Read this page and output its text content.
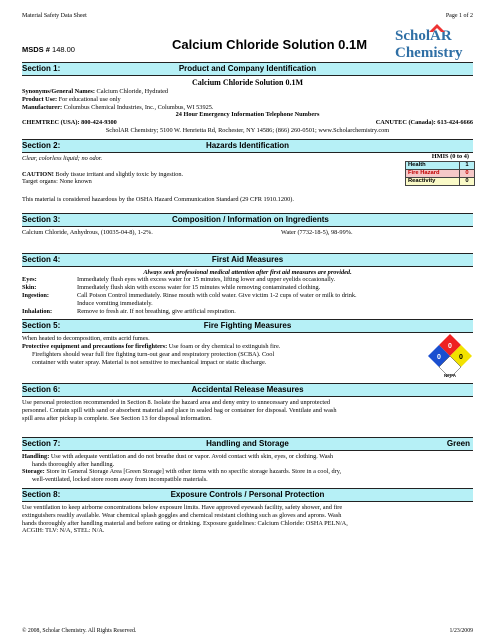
Material Safety Data Sheet	Page 1 of 2
MSDS # 148.00	Calcium Chloride Solution 0.1M
ScholAR
Chemistry
Section 1:	Product and Company Identification
Calcium Chloride Solution 0.1M
Synonyms/General Names: Calcium Chloride, Hydrated
Product Use: For educational use only
Manufacturer: Columbus Chemical Industries, Inc., Columbus, WI 53925.
24 Hour Emergency Information Telephone Numbers
CHEMTREC (USA): 800-424-9300	CANUTEC (Canada): 613-424-6666
ScholAR Chemistry; 5100 W. Henrietta Rd, Rochester, NY 14586; (866) 260-0501; www.Scholarchemistry.com
Section 2:	Hazards Identification
Clear, colorless liquid; no odor.
CAUTION! Body tissue irritant and slightly toxic by ingestion.
Target organs: None known
This material is considered hazardous by the OSHA Hazard Communication Standard (29 CFR 1910.1200).
HMIS (0 to 4)
Health	1
Fire Hazard	0
Reactivity	0
Section 3:	Composition / Information on Ingredients
Calcium Chloride, Anhydrous, (10035-04-8), 1-2%.	Water (7732-18-5), 98-99%.
Section 4:	First Aid Measures
Always seek professional medical attention after first aid measures are provided.
Eyes:	Immediately flush eyes with excess water for 15 minutes, lifting lower and upper eyelids occasionally.
Skin:	Immediately flush skin with excess water for 15 minutes while removing contaminated clothing.
Ingestion:	Call Poison Control immediately. Rinse mouth with cold water. Give victim 1-2 cups of water or milk to drink.
Induce vomiting immediately.
Inhalation:	Remove to fresh air. If not breathing, give artificial respiration.
Section 5:	Fire Fighting Measures
When heated to decomposition, emits acrid fumes.
Protective equipment and precautions for firefighters: Use foam or dry chemical to extinguish fire.
Firefighters should wear full fire fighting turn-out gear and respiratory protection (SCBA). Cool
container with water spray. Material is not sensitive to mechanical impact or static discharge.
0
0	0
NFPA
Section 6:	Accidental Release Measures
Use personal protection recommended in Section 8. Isolate the hazard area and deny entry to unnecessary and unprotected
personnel. Contain spill with sand or absorbent material and place in sealed bag or container for disposal. Ventilate and wash
spill area after pickup is complete. See Section 13 for disposal information.
Section 7:	Handling and Storage	Green
Handling: Use with adequate ventilation and do not breathe dust or vapor. Avoid contact with skin, eyes, or clothing. Wash
hands thoroughly after handling.
Storage: Store in General Storage Area [Green Storage] with other items with no specific storage hazards. Store in a cool, dry,
well-ventilated, locked store room away from incompatible materials.
Section 8:	Exposure Controls / Personal Protection
Use ventilation to keep airborne concentrations below exposure limits. Have approved eyewash facility, safety shower, and fire
extinguishers readily available. Wear chemical splash goggles and chemical resistant clothing such as gloves and aprons. Wash
hands thoroughly after handling material and before eating or drinking. Exposure guidelines: Calcium Chloride: OSHA PELN/A,
ACGIH: TLV: N/A, STEL: N/A.
© 2008, Scholar Chemistry. All Rights Reserved.	1/23/2009
